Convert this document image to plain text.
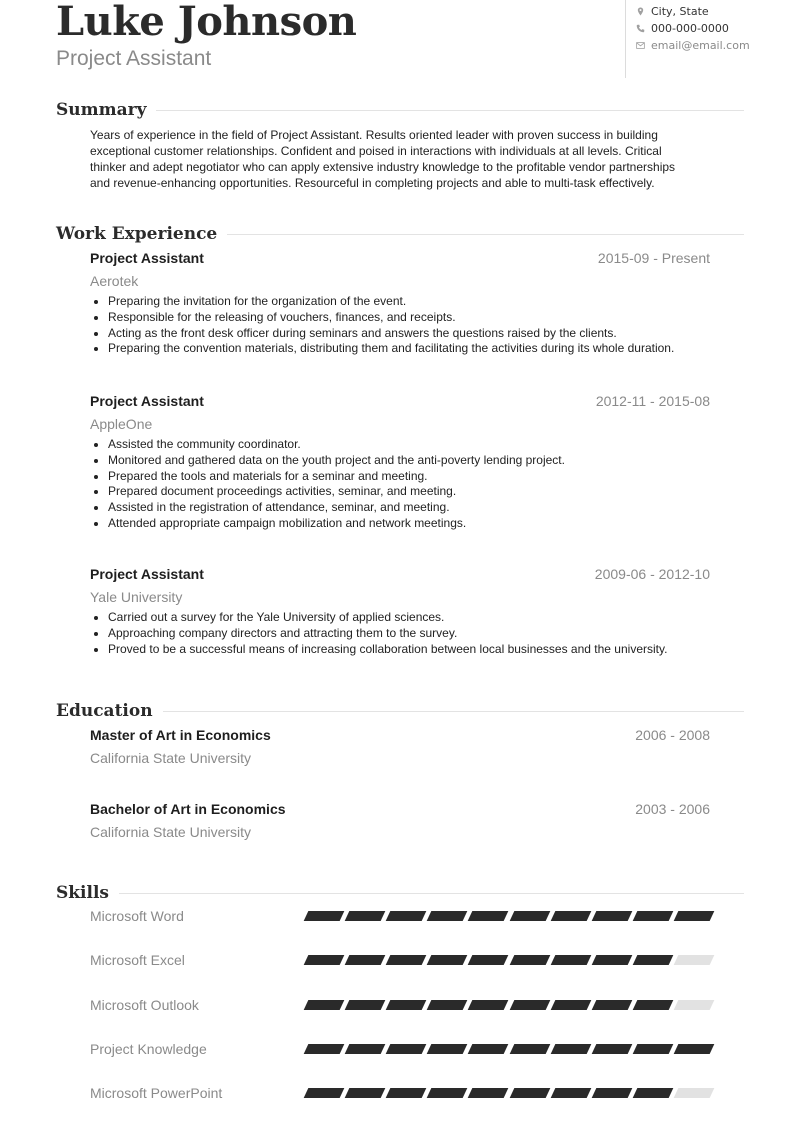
Luke Johnson
Project Assistant
City, State
000-000-0000
email@email.com
Summary
Years of experience in the field of Project Assistant. Results oriented leader with proven success in building
exceptional customer relationships. Confident and poised in interactions with individuals at all levels. Critical
thinker and adept negotiator who can apply extensive industry knowledge to the profitable vendor partnerships
and revenue-enhancing opportunities. Resourceful in completing projects and able to multi-task effectively.
Work Experience
Project Assistant	2015-09 - Present
Aerotek
Preparing the invitation for the organization of the event.
Responsible for the releasing of vouchers, finances, and receipts.
Acting as the front desk officer during seminars and answers the questions raised by the clients.
Preparing the convention materials, distributing them and facilitating the activities during its whole duration.
Project Assistant	2012-11 - 2015-08
AppleOne
Assisted the community coordinator.
Monitored and gathered data on the youth project and the anti-poverty lending project.
Prepared the tools and materials for a seminar and meeting.
Prepared document proceedings activities, seminar, and meeting.
Assisted in the registration of attendance, seminar, and meeting.
Attended appropriate campaign mobilization and network meetings.
Project Assistant	2009-06 - 2012-10
Yale University
Carried out a survey for the Yale University of applied sciences.
Approaching company directors and attracting them to the survey.
Proved to be a successful means of increasing collaboration between local businesses and the university.
Education
Master of Art in Economics	2006 - 2008
California State University
Bachelor of Art in Economics	2003 - 2006
California State University
Skills
Microsoft Word
Microsoft Excel
Microsoft Outlook
Project Knowledge
Microsoft PowerPoint
